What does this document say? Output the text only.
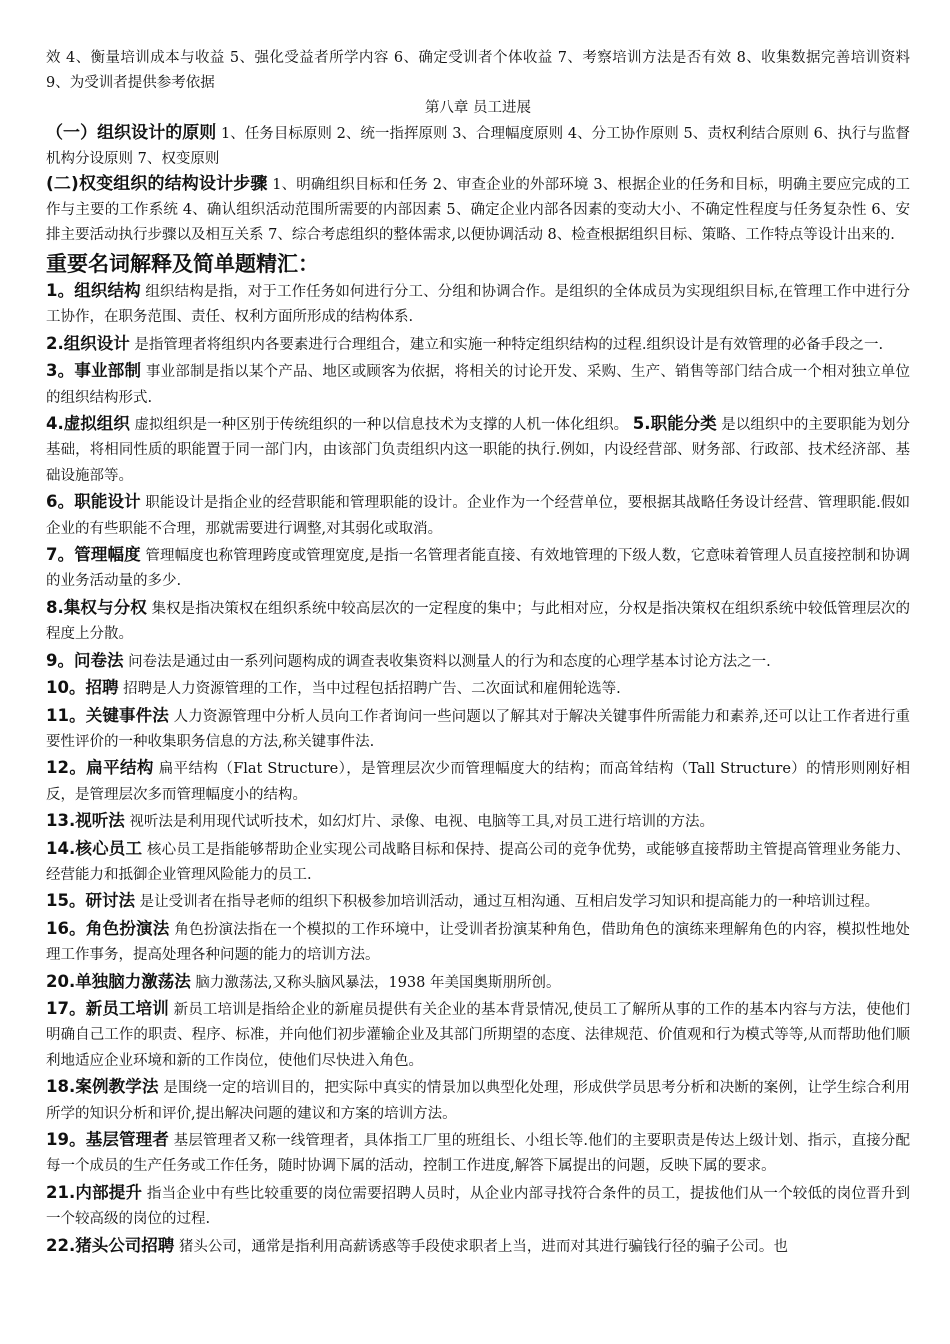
效 4、衡量培训成本与收益 5、强化受益者所学内容 6、确定受训者个体收益 7、考察培训方法是否有效 8、收集数据完善培训资料 9、为受训者提供参考依据

第八章 员工进展

（一）组织设计的原则 1、任务目标原则 2、统一指挥原则 3、合理幅度原则 4、分工协作原则 5、责权利结合原则 6、执行与监督机构分设原则 7、权变原则

(二)权变组织的结构设计步骤 1、明确组织目标和任务 2、审查企业的外部环境 3、根据企业的任务和目标，明确主要应完成的工作与主要的工作系统 4、确认组织活动范围所需要的内部因素 5、确定企业内部各因素的变动大小、不确定性程度与任务复杂性 6、安排主要活动执行步骤以及相互关系 7、综合考虑组织的整体需求,以便协调活动 8、检查根据组织目标、策略、工作特点等设计出来的.

重要名词解释及简单题精汇：

1。组织结构 组织结构是指，对于工作任务如何进行分工、分组和协调合作。是组织的全体成员为实现组织目标,在管理工作中进行分工协作，在职务范围、责任、权利方面所形成的结构体系.

2.组织设计 是指管理者将组织内各要素进行合理组合，建立和实施一种特定组织结构的过程.组织设计是有效管理的必备手段之一.

3。事业部制 事业部制是指以某个产品、地区或顾客为依据，将相关的讨论开发、采购、生产、销售等部门结合成一个相对独立单位的组织结构形式.

4.虚拟组织 虚拟组织是一种区别于传统组织的一种以信息技术为支撑的人机一体化组织。 5.职能分类 是以组织中的主要职能为划分基础，将相同性质的职能置于同一部门内，由该部门负责组织内这一职能的执行.例如，内设经营部、财务部、行政部、技术经济部、基础设施部等。

6。职能设计 职能设计是指企业的经营职能和管理职能的设计。企业作为一个经营单位，要根据其战略任务设计经营、管理职能.假如企业的有些职能不合理，那就需要进行调整,对其弱化或取消。

7。管理幅度 管理幅度也称管理跨度或管理宽度,是指一名管理者能直接、有效地管理的下级人数，它意味着管理人员直接控制和协调的业务活动量的多少.

8.集权与分权 集权是指决策权在组织系统中较高层次的一定程度的集中；与此相对应，分权是指决策权在组织系统中较低管理层次的程度上分散。

9。问卷法 问卷法是通过由一系列问题构成的调查表收集资料以测量人的行为和态度的心理学基本讨论方法之一.

10。招聘 招聘是人力资源管理的工作，当中过程包括招聘广告、二次面试和雇佣轮选等.

11。关键事件法 人力资源管理中分析人员向工作者询问一些问题以了解其对于解决关键事件所需能力和素养,还可以让工作者进行重要性评价的一种收集职务信息的方法,称关键事件法.

12。扁平结构 扁平结构（Flat Structure），是管理层次少而管理幅度大的结构；而高耸结构（Tall Structure）的情形则刚好相反，是管理层次多而管理幅度小的结构。

13.视听法 视听法是利用现代试听技术，如幻灯片、录像、电视、电脑等工具,对员工进行培训的方法。

14.核心员工 核心员工是指能够帮助企业实现公司战略目标和保持、提高公司的竞争优势，或能够直接帮助主管提高管理业务能力、经营能力和抵御企业管理风险能力的员工.

15。研讨法 是让受训者在指导老师的组织下积极参加培训活动，通过互相沟通、互相启发学习知识和提高能力的一种培训过程。

16。角色扮演法 角色扮演法指在一个模拟的工作环境中，让受训者扮演某种角色，借助角色的演练来理解角色的内容，模拟性地处理工作事务，提高处理各种问题的能力的培训方法。

20.单独脑力激荡法 脑力激荡法,又称头脑风暴法，1938 年美国奥斯朋所创。

17。新员工培训 新员工培训是指给企业的新雇员提供有关企业的基本背景情况,使员工了解所从事的工作的基本内容与方法，使他们明确自己工作的职责、程序、标准，并向他们初步灌输企业及其部门所期望的态度、法律规范、价值观和行为模式等等,从而帮助他们顺利地适应企业环境和新的工作岗位，使他们尽快进入角色。

18.案例教学法 是围绕一定的培训目的，把实际中真实的情景加以典型化处理，形成供学员思考分析和决断的案例，让学生综合利用所学的知识分析和评价,提出解决问题的建议和方案的培训方法。

19。基层管理者 基层管理者又称一线管理者，具体指工厂里的班组长、小组长等.他们的主要职责是传达上级计划、指示，直接分配每一个成员的生产任务或工作任务，随时协调下属的活动，控制工作进度,解答下属提出的问题，反映下属的要求。

21.内部提升 指当企业中有些比较重要的岗位需要招聘人员时，从企业内部寻找符合条件的员工，提拔他们从一个较低的岗位晋升到一个较高级的岗位的过程.

22.猪头公司招聘 猪头公司，通常是指利用高薪诱惑等手段使求职者上当，进而对其进行骗钱行径的骗子公司。也
